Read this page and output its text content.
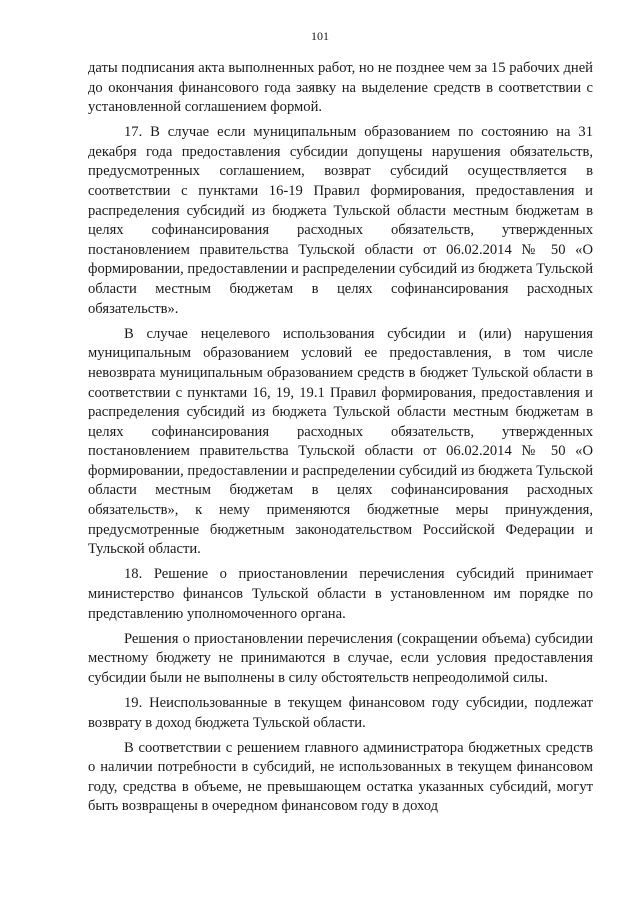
101

даты подписания акта выполненных работ, но не позднее чем за 15 рабочих дней до окончания финансового года заявку на выделение средств в соответствии с установленной соглашением формой.

17. В случае если муниципальным образованием по состоянию на 31 декабря года предоставления субсидии допущены нарушения обязательств, предусмотренных соглашением, возврат субсидий осуществляется в соответствии с пунктами 16-19 Правил формирования, предоставления и распределения субсидий из бюджета Тульской области местным бюджетам в целях софинансирования расходных обязательств, утвержденных постановлением правительства Тульской области от 06.02.2014 № 50 «О формировании, предоставлении и распределении субсидий из бюджета Тульской области местным бюджетам в целях софинансирования расходных обязательств».

В случае нецелевого использования субсидии и (или) нарушения муниципальным образованием условий ее предоставления, в том числе невозврата муниципальным образованием средств в бюджет Тульской области в соответствии с пунктами 16, 19, 19.1 Правил формирования, предоставления и распределения субсидий из бюджета Тульской области местным бюджетам в целях софинансирования расходных обязательств, утвержденных постановлением правительства Тульской области от 06.02.2014 № 50 «О формировании, предоставлении и распределении субсидий из бюджета Тульской области местным бюджетам в целях софинансирования расходных обязательств», к нему применяются бюджетные меры принуждения, предусмотренные бюджетным законодательством Российской Федерации и Тульской области.

18. Решение о приостановлении перечисления субсидий принимает министерство финансов Тульской области в установленном им порядке по представлению уполномоченного органа.

Решения о приостановлении перечисления (сокращении объема) субсидии местному бюджету не принимаются в случае, если условия предоставления субсидии были не выполнены в силу обстоятельств непреодолимой силы.

19. Неиспользованные в текущем финансовом году субсидии, подлежат возврату в доход бюджета Тульской области.

В соответствии с решением главного администратора бюджетных средств о наличии потребности в субсидий, не использованных в текущем финансовом году, средства в объеме, не превышающем остатка указанных субсидий, могут быть возвращены в очередном финансовом году в доход
